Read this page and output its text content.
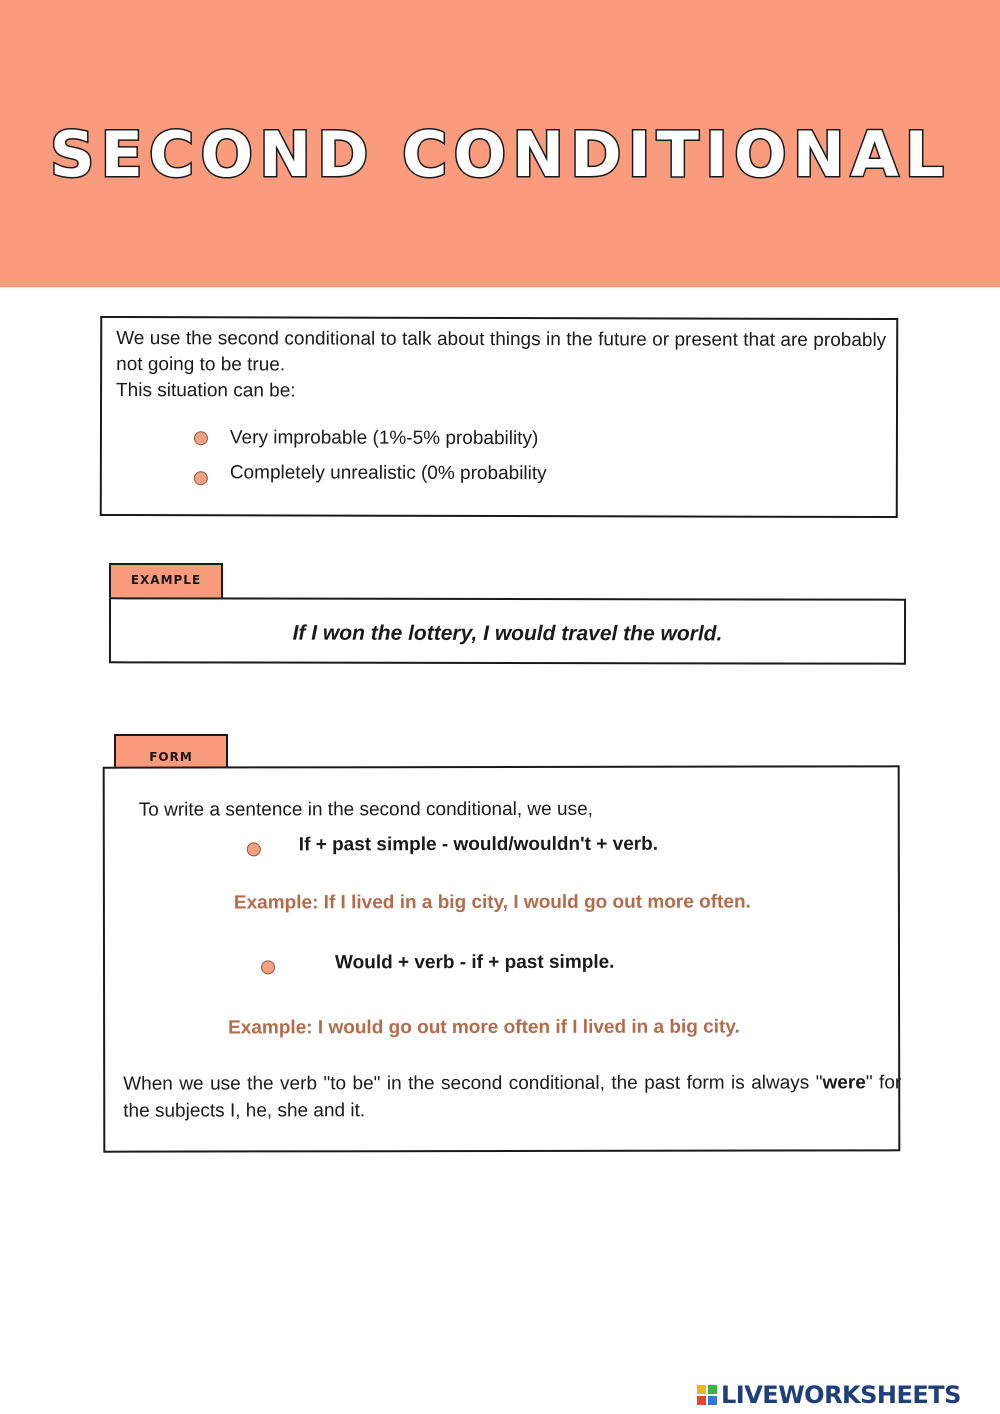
SECOND CONDITIONAL
We use the second conditional to talk about things in the future or present that are probably not going to be true.
This situation can be:
Very improbable (1%-5% probability)
Completely unrealistic (0% probability
EXAMPLE
If I won the lottery, I would travel the world.
FORM
To write a sentence in the second conditional, we use,
If + past simple - would/wouldn't + verb.
Example: If I lived in a big city, I would go out more often.
Would + verb - if + past simple.
Example: I would go out more often if I lived in a big city.
When we use the verb "to be" in the second conditional, the past form is always "were" for the subjects I, he, she and it.
LIVEWORKSHEETS
